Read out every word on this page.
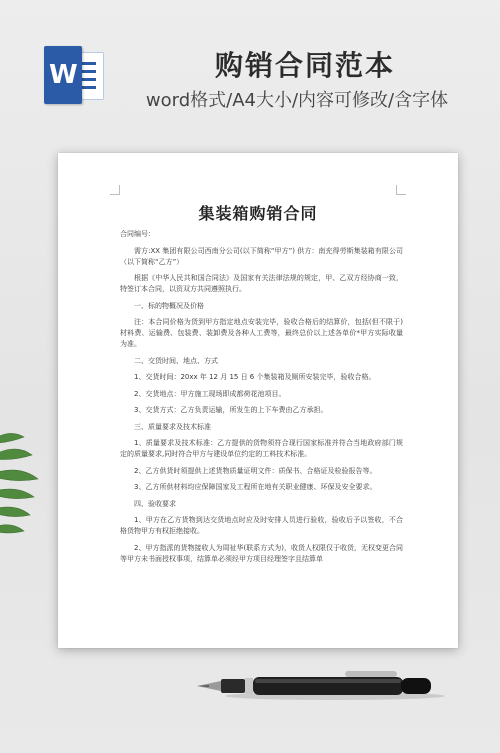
W	购销合同范本
word格式/A4大小/内容可修改/含字体
集装箱购销合同

合同编号：

需方:XX 集团有限公司西南分公司(以下简称“甲方”) 供方：南充得劳斯集装箱有限公司（以下简称“乙方”）

根据《中华人民共和国合同法》及国家有关法律法规的规定，甲、乙双方经协商一致，特签订本合同，以资双方共同遵照执行。

一、标的物概况及价格

注：本合同价格为货到甲方指定地点安装完毕，验收合格后的结算价，包括(但不限于)材料费、运输费、包装费、装卸费及各种人工费等，最终总价以上述各单价*甲方实际收量为准。

二、交货时间、地点、方式

1、交货时间：20xx 年 12 月 15 日 6 个集装箱及厕所安装完毕，验收合格。

2、交货地点：甲方施工现场即成都荷花池项目。

3、交货方式：乙方负责运输，所发生的上下车费由乙方承担。

三、质量要求及技术标准

1、质量要求及技术标准：乙方提供的货物须符合现行国家标准并符合当地政府部门规定的质量要求,同时符合甲方与建设单位约定的工料技术标准。

2、乙方供货时须提供上述货物质量证明文件：质保书、合格证及检验报告等。

3、乙方所供材料均应保障国家及工程所在地有关职业健康、环保及安全要求。

四、验收要求

1、甲方在乙方货物到达交货地点时应及时安排人员进行验收，验收后予以签收，不合格货物甲方有权拒绝接收。

2、甲方指派的货物接收人为周祉华(联系方式为)，收货人权限仅于收货，无权变更合同等甲方未书面授权事项，结算单必须经甲方项目经理签字且结算单
